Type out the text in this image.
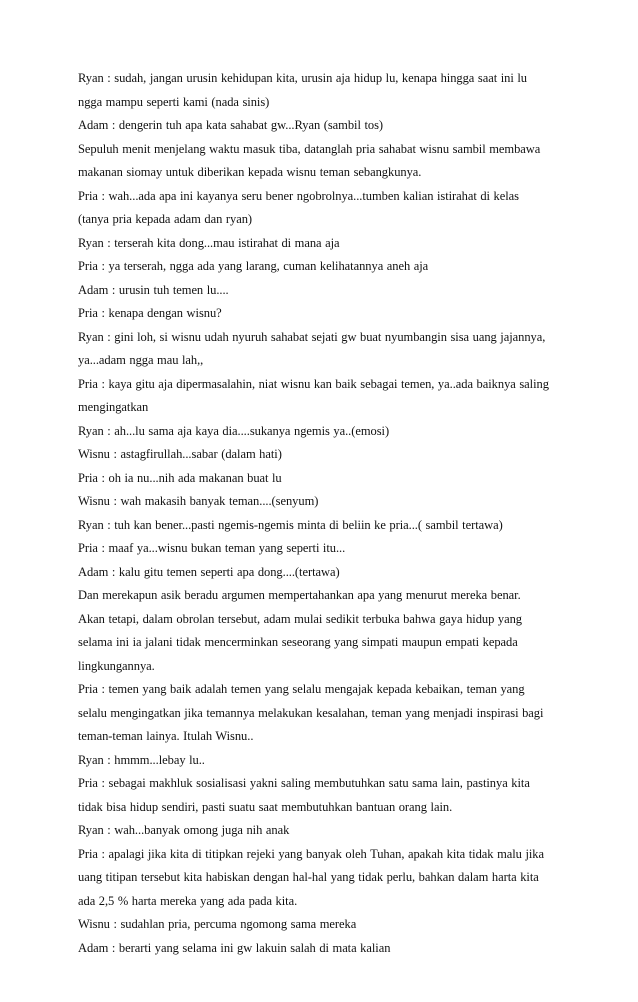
Ryan : sudah, jangan urusin kehidupan kita, urusin aja hidup lu, kenapa hingga saat ini lu
ngga mampu seperti kami (nada sinis)
Adam : dengerin tuh apa kata sahabat gw...Ryan (sambil tos)
Sepuluh menit menjelang waktu masuk tiba, datanglah pria sahabat wisnu sambil membawa
makanan siomay untuk diberikan kepada wisnu teman sebangkunya.
Pria : wah...ada apa ini kayanya seru bener ngobrolnya...tumben kalian istirahat di kelas
(tanya pria kepada adam dan ryan)
Ryan : terserah kita dong...mau istirahat di mana aja
Pria : ya terserah, ngga ada yang larang, cuman kelihatannya aneh aja
Adam : urusin tuh temen lu....
Pria : kenapa dengan wisnu?
Ryan : gini loh, si wisnu udah nyuruh sahabat sejati gw buat nyumbangin sisa uang jajannya,
ya...adam ngga mau lah,,
Pria : kaya gitu aja dipermasalahin, niat wisnu kan baik sebagai temen, ya..ada baiknya saling
mengingatkan
Ryan : ah...lu sama aja kaya dia....sukanya ngemis ya..(emosi)
Wisnu : astagfirullah...sabar (dalam hati)
Pria : oh ia nu...nih ada makanan buat lu
Wisnu : wah makasih banyak teman....(senyum)
Ryan : tuh kan bener...pasti ngemis-ngemis minta di beliin ke pria...( sambil tertawa)
Pria : maaf ya...wisnu bukan teman yang seperti itu...
Adam : kalu gitu temen seperti apa dong....(tertawa)
Dan merekapun asik beradu argumen mempertahankan apa yang menurut mereka benar.
Akan tetapi, dalam obrolan tersebut, adam mulai sedikit terbuka bahwa gaya hidup yang
selama ini ia jalani tidak mencerminkan seseorang yang simpati maupun empati kepada
lingkungannya.
Pria : temen yang baik adalah temen yang selalu mengajak kepada kebaikan, teman yang
selalu mengingatkan jika temannya melakukan kesalahan, teman yang menjadi inspirasi bagi
teman-teman lainya. Itulah Wisnu..
Ryan : hmmm...lebay lu..
Pria : sebagai makhluk sosialisasi yakni saling membutuhkan satu sama lain, pastinya kita
tidak bisa hidup sendiri, pasti suatu saat membutuhkan bantuan orang lain.
Ryan : wah...banyak omong juga nih anak
Pria : apalagi jika kita di titipkan rejeki yang banyak oleh Tuhan, apakah kita tidak malu jika
uang titipan tersebut kita habiskan dengan hal-hal yang tidak perlu, bahkan dalam harta kita
ada 2,5 % harta mereka yang ada pada kita.
Wisnu : sudahlan pria, percuma ngomong sama mereka
Adam : berarti yang selama ini gw lakuin salah di mata kalian
